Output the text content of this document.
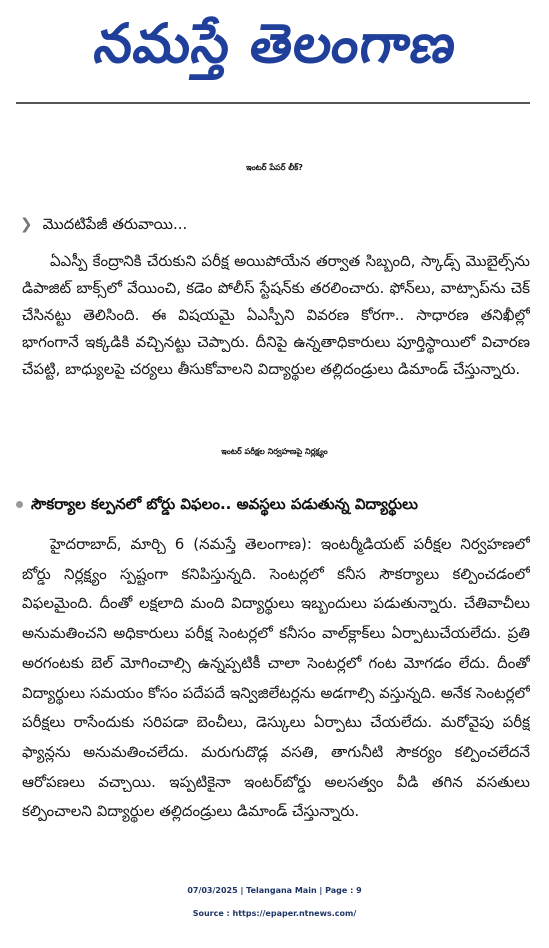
నమస్తే తెలంగాణ
ఇంటర్ పేపర్ లీక్?
❯ మొదటిపేజీ తరువాయి...

ఏఎస్పీ కేంద్రానికి చేరుకుని పరీక్ష అయిపోయేన తర్వాత సిబ్బంది, స్కాడ్స్ మొబైల్స్‌ను డిపాజిట్ బాక్స్‌లో వేయించి, కడెం పోలీస్ స్టేషన్‌కు తరలించారు. ఫోన్‌లు, వాట్సాప్‌ను చెక్ చేసినట్టు తెలిసింది. ఈ విషయమై ఏఎస్పీని వివరణ కోరగా.. సాధారణ తనిఖీల్లో భాగంగానే ఇక్కడికి వచ్చినట్టు చెప్పారు. దీనిపై ఉన్నతాధికారులు పూర్తిస్థాయిలో విచారణ చేపట్టి, బాధ్యులపై చర్యలు తీసుకోవాలని విద్యార్థుల తల్లిదండ్రులు డిమాండ్ చేస్తున్నారు.

ఇంటర్ పరీక్షల నిర్వహణపై నిర్లక్ష్యం
సౌకర్యాల కల్పనలో బోర్డు విఫలం.. అవస్థలు పడుతున్న విద్యార్థులు

హైదరాబాద్, మార్చి 6 (నమస్తే తెలంగాణ): ఇంటర్మీడియట్ పరీక్షల నిర్వహణలో బోర్డు నిర్లక్ష్యం స్పష్టంగా కనిపిస్తున్నది. సెంటర్లలో కనీస సౌకర్యాలు కల్పించడంలో విఫలమైంది. దీంతో లక్షలాది మంది విద్యార్థులు ఇబ్బందులు పడుతున్నారు. చేతివాచీలు అనుమతించని అధికారులు పరీక్ష సెంటర్లలో కనీసం వాల్‌క్లాక్‌లు ఏర్పాటుచేయలేదు. ప్రతి అరగంటకు బెల్ మోగించాల్సి ఉన్నప్పటికీ చాలా సెంటర్లలో గంట మోగడం లేదు. దీంతో విద్యార్థులు సమయం కోసం పదేపదే ఇన్విజిలేటర్లను అడగాల్సి వస్తున్నది. అనేక సెంటర్లలో పరీక్షలు రాసేందుకు సరిపడా బెంచీలు, డెస్కులు ఏర్పాటు చేయలేదు. మరోవైపు పరీక్ష ఫ్యాన్లను అనుమతించలేదు. మరుగుదొడ్ల వసతి, తాగునీటి సౌకర్యం కల్పించలేదనే ఆరోపణలు వచ్చాయి. ఇప్పటికైనా ఇంటర్‌బోర్డు అలసత్వం వీడి తగిన వసతులు కల్పించాలని విద్యార్థుల తల్లిదండ్రులు డిమాండ్ చేస్తున్నారు.

07/03/2025 | Telangana Main | Page : 9
Source : https://epaper.ntnews.com/
